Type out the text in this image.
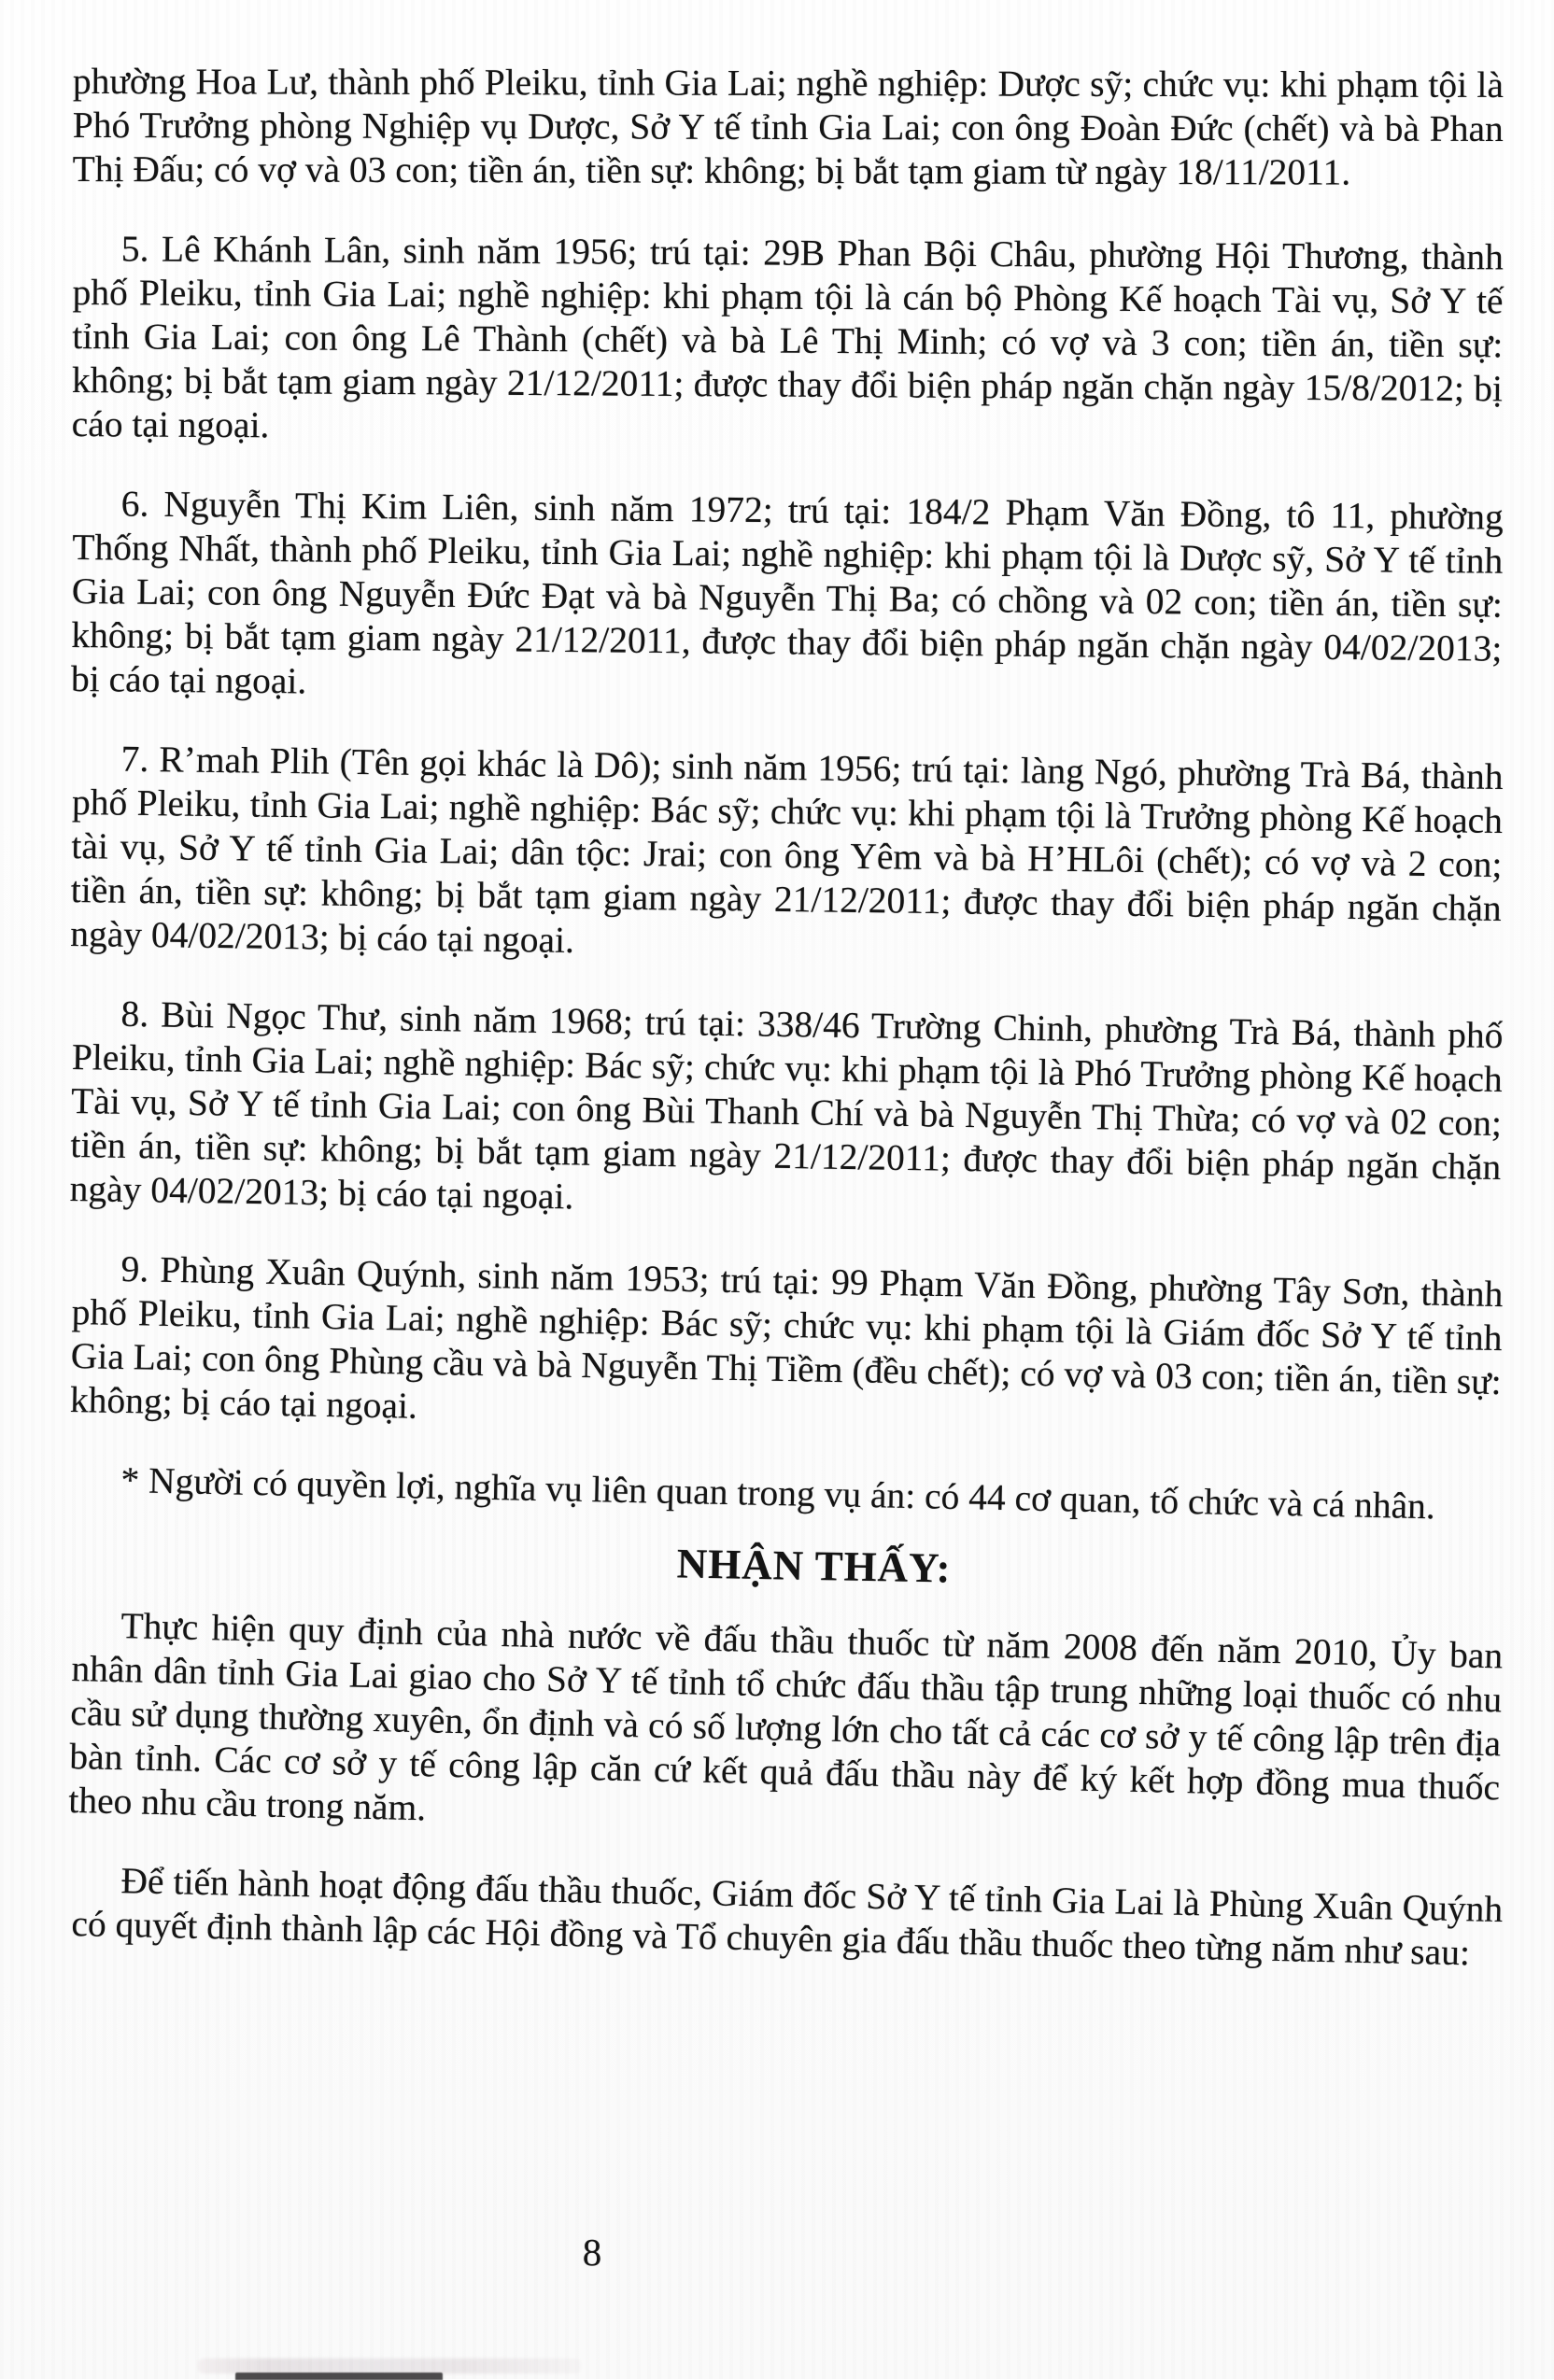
phường Hoa Lư, thành phố Pleiku, tỉnh Gia Lai; nghề nghiệp: Dược sỹ; chức vụ: khi phạm tội là Phó Trưởng phòng Nghiệp vụ Dược, Sở Y tế tỉnh Gia Lai; con ông Đoàn Đức (chết) và bà Phan Thị Đấu; có vợ và 03 con; tiền án, tiền sự: không; bị bắt tạm giam từ ngày 18/11/2011.

5. Lê Khánh Lân, sinh năm 1956; trú tại: 29B Phan Bội Châu, phường Hội Thương, thành phố Pleiku, tỉnh Gia Lai; nghề nghiệp: khi phạm tội là cán bộ Phòng Kế hoạch Tài vụ, Sở Y tế tỉnh Gia Lai; con ông Lê Thành (chết) và bà Lê Thị Minh; có vợ và 3 con; tiền án, tiền sự: không; bị bắt tạm giam ngày 21/12/2011; được thay đổi biện pháp ngăn chặn ngày 15/8/2012; bị cáo tại ngoại.

6. Nguyễn Thị Kim Liên, sinh năm 1972; trú tại: 184/2 Phạm Văn Đồng, tô 11, phường Thống Nhất, thành phố Pleiku, tỉnh Gia Lai; nghề nghiệp: khi phạm tội là Dược sỹ, Sở Y tế tỉnh Gia Lai; con ông Nguyễn Đức Đạt và bà Nguyễn Thị Ba; có chồng và 02 con; tiền án, tiền sự: không; bị bắt tạm giam ngày 21/12/2011, được thay đổi biện pháp ngăn chặn ngày 04/02/2013; bị cáo tại ngoại.

7. R’mah Plih (Tên gọi khác là Dô); sinh năm 1956; trú tại: làng Ngó, phường Trà Bá, thành phố Pleiku, tỉnh Gia Lai; nghề nghiệp: Bác sỹ; chức vụ: khi phạm tội là Trưởng phòng Kế hoạch tài vụ, Sở Y tế tỉnh Gia Lai; dân tộc: Jrai; con ông Yêm và bà H’HLôi (chết); có vợ và 2 con; tiền án, tiền sự: không; bị bắt tạm giam ngày 21/12/2011; được thay đổi biện pháp ngăn chặn ngày 04/02/2013; bị cáo tại ngoại.

8. Bùi Ngọc Thư, sinh năm 1968; trú tại: 338/46 Trường Chinh, phường Trà Bá, thành phố Pleiku, tỉnh Gia Lai; nghề nghiệp: Bác sỹ; chức vụ: khi phạm tội là Phó Trưởng phòng Kế hoạch Tài vụ, Sở Y tế tỉnh Gia Lai; con ông Bùi Thanh Chí và bà Nguyễn Thị Thừa; có vợ và 02 con; tiền án, tiền sự: không; bị bắt tạm giam ngày 21/12/2011; được thay đổi biện pháp ngăn chặn ngày 04/02/2013; bị cáo tại ngoại.

9. Phùng Xuân Quýnh, sinh năm 1953; trú tại: 99 Phạm Văn Đồng, phường Tây Sơn, thành phố Pleiku, tỉnh Gia Lai; nghề nghiệp: Bác sỹ; chức vụ: khi phạm tội là Giám đốc Sở Y tế tỉnh Gia Lai; con ông Phùng cầu và bà Nguyễn Thị Tiềm (đều chết); có vợ và 03 con; tiền án, tiền sự: không; bị cáo tại ngoại.

* Người có quyền lợi, nghĩa vụ liên quan trong vụ án: có 44 cơ quan, tố chức và cá nhân.

NHẬN THẤY:

Thực hiện quy định của nhà nước về đấu thầu thuốc từ năm 2008 đến năm 2010, Ủy ban nhân dân tỉnh Gia Lai giao cho Sở Y tế tỉnh tổ chức đấu thầu tập trung những loại thuốc có nhu cầu sử dụng thường xuyên, ổn định và có số lượng lớn cho tất cả các cơ sở y tế công lập trên địa bàn tỉnh. Các cơ sở y tế công lập căn cứ kết quả đấu thầu này để ký kết hợp đồng mua thuốc theo nhu cầu trong năm.

Để tiến hành hoạt động đấu thầu thuốc, Giám đốc Sở Y tế tỉnh Gia Lai là Phùng Xuân Quýnh có quyết định thành lập các Hội đồng và Tổ chuyên gia đấu thầu thuốc theo từng năm như sau:

8
